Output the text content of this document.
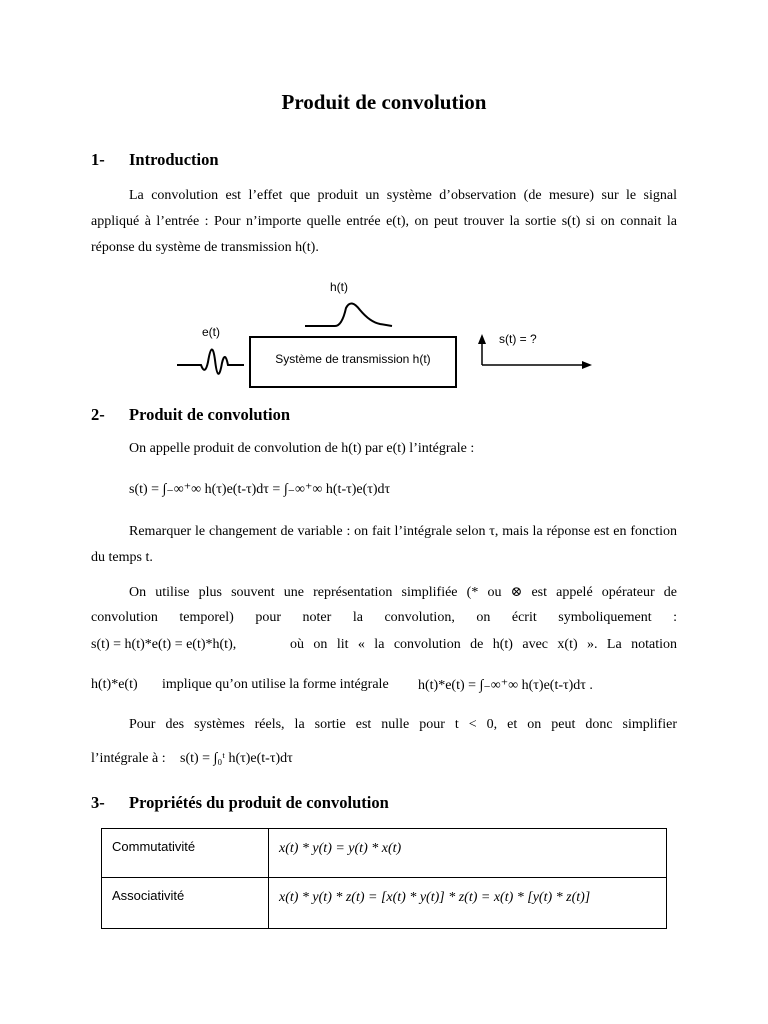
Produit de convolution
1- Introduction
La convolution est l’effet que produit un système d’observation (de mesure) sur le signal appliqué à l’entrée : Pour n’importe quelle entrée e(t), on peut trouver la sortie s(t) si on connait la réponse du système de transmission h(t).
h(t)
e(t)
Système de transmission h(t)
s(t) = ?
2- Produit de convolution
On appelle produit de convolution de h(t) par e(t) l’intégrale :
s(t) = ∫₋∞⁺∞ h(τ)e(t-τ)dτ = ∫₋∞⁺∞ h(t-τ)e(τ)dτ
Remarquer le changement de variable : on fait l’intégrale selon τ, mais la réponse est en fonction du temps t.
On utilise plus souvent une représentation simplifiée (* ou ⊗ est appelé opérateur de
convolution temporel) pour noter la convolution, on écrit symboliquement :
s(t) = h(t)*e(t) = e(t)*h(t),	où on lit « la convolution de h(t) avec x(t) ». La notation
h(t)*e(t) implique qu’on utilise la forme intégrale h(t)*e(t) = ∫₋∞⁺∞ h(τ)e(t-τ)dτ .
Pour des systèmes réels, la sortie est nulle pour t < 0, et on peut donc simplifier
l’intégrale à : s(t) = ∫₀ᵗ h(τ)e(t-τ)dτ
3- Propriétés du produit de convolution
Commutativité	x(t) * y(t) = y(t) * x(t)
Associativité	x(t) * y(t) * z(t) = [x(t) * y(t)] * z(t) = x(t) * [y(t) * z(t)]
